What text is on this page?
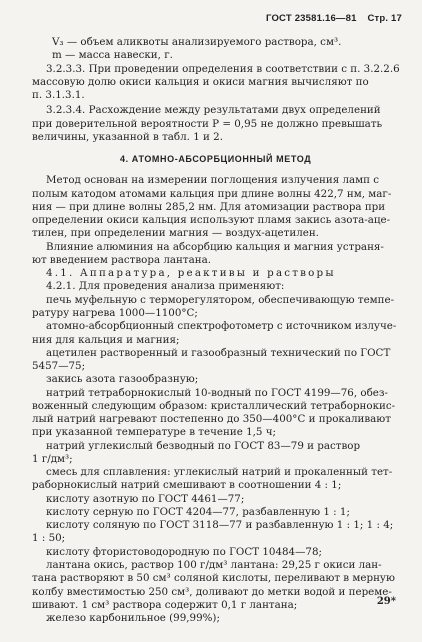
ГОСТ 23581.16—81 Стр. 17
V₃ — объем аликвоты анализируемого раствора, см³.
m — масса навески, г.
3.2.3.3. При проведении определения в соответствии с п. 3.2.2.6
массовую долю окиси кальция и окиси магния вычисляют по
п. 3.1.3.1.
3.2.3.4. Расхождение между результатами двух определений
при доверительной вероятности P = 0,95 не должно превышать
величины, указанной в табл. 1 и 2.
4. АТОМНО-АБСОРБЦИОННЫЙ МЕТОД
Метод основан на измерении поглощения излучения ламп с
полым катодом атомами кальция при длине волны 422,7 нм, маг-
ния — при длине волны 285,2 нм. Для атомизации раствора при
определении окиси кальция используют пламя закись азота-аце-
тилен, при определении магния — воздух-ацетилен.
Влияние алюминия на абсорбцию кальция и магния устраня-
ют введением раствора лантана.
4.1. Аппаратура, реактивы и растворы
4.2.1. Для проведения анализа применяют:
печь муфельную с терморегулятором, обеспечивающую темпе-
ратуру нагрева 1000—1100°С;
атомно-абсорбционный спектрофотометр с источником излуче-
ния для кальция и магния;
ацетилен растворенный и газообразный технический по ГОСТ
5457—75;
закись азота газообразную;
натрий тетраборнокислый 10-водный по ГОСТ 4199—76, обез-
воженный следующим образом: кристаллический тетраборнокис-
лый натрий нагревают постепенно до 350—400°С и прокаливают
при указанной температуре в течение 1,5 ч;
натрий углекислый безводный по ГОСТ 83—79 и раствор
1 г/дм³;
смесь для сплавления: углекислый натрий и прокаленный тет-
раборнокислый натрий смешивают в соотношении 4 : 1;
кислоту азотную по ГОСТ 4461—77;
кислоту серную по ГОСТ 4204—77, разбавленную 1 : 1;
кислоту соляную по ГОСТ 3118—77 и разбавленную 1 : 1; 1 : 4;
1 : 50;
кислоту фтористоводородную по ГОСТ 10484—78;
лантана окись, раствор 100 г/дм³ лантана: 29,25 г окиси лан-
тана растворяют в 50 см³ соляной кислоты, переливают в мерную
колбу вместимостью 250 см³, доливают до метки водой и переме-
шивают. 1 см³ раствора содержит 0,1 г лантана;
железо карбонильное (99,99%);
29*
